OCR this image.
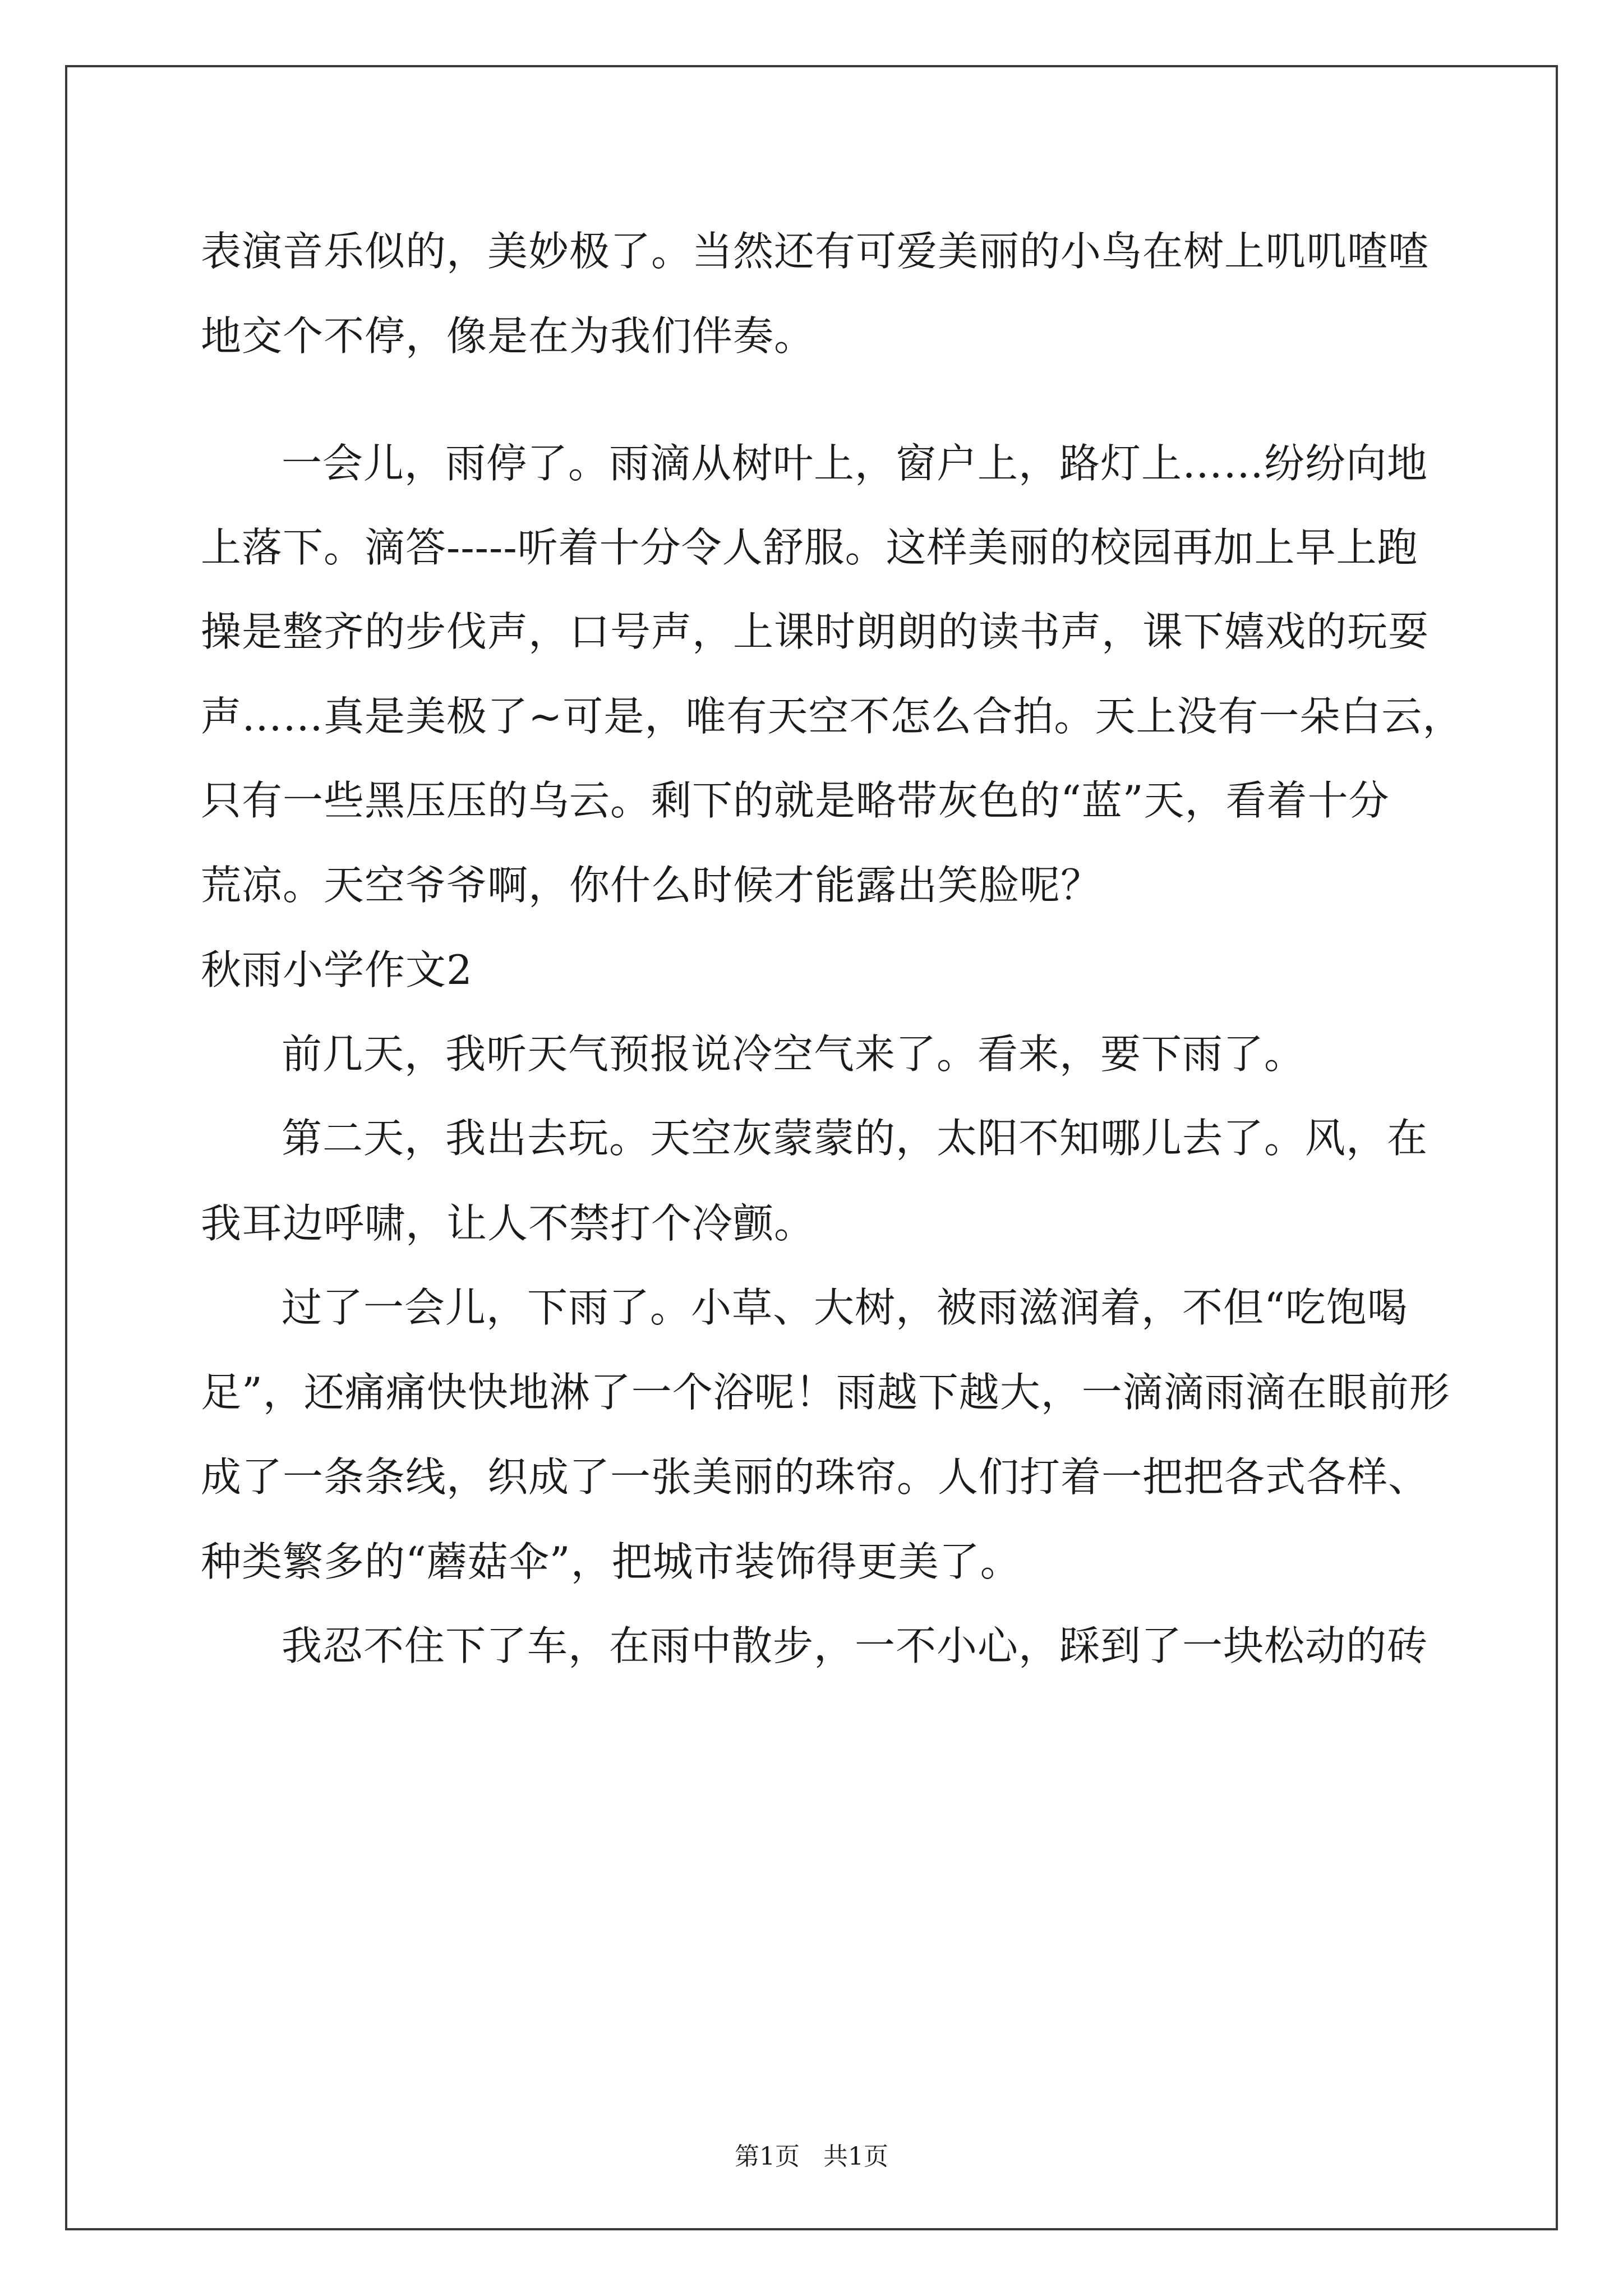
表演音乐似的，美妙极了。当然还有可爱美丽的小鸟在树上叽叽喳喳
地交个不停，像是在为我们伴奏。
一会儿，雨停了。雨滴从树叶上，窗户上，路灯上……纷纷向地
上落下。滴答-----听着十分令人舒服。这样美丽的校园再加上早上跑
操是整齐的步伐声，口号声，上课时朗朗的读书声，课下嬉戏的玩耍
声……真是美极了~可是，唯有天空不怎么合拍。天上没有一朵白云，
只有一些黑压压的乌云。剩下的就是略带灰色的“蓝”天，看着十分
荒凉。天空爷爷啊，你什么时候才能露出笑脸呢？
秋雨小学作文2
前几天，我听天气预报说冷空气来了。看来，要下雨了。
第二天，我出去玩。天空灰蒙蒙的，太阳不知哪儿去了。风，在
我耳边呼啸，让人不禁打个冷颤。
过了一会儿，下雨了。小草、大树，被雨滋润着，不但“吃饱喝
足”，还痛痛快快地淋了一个浴呢！雨越下越大，一滴滴雨滴在眼前形
成了一条条线，织成了一张美丽的珠帘。人们打着一把把各式各样、
种类繁多的“蘑菇伞”，把城市装饰得更美了。
我忍不住下了车，在雨中散步，一不小心，踩到了一块松动的砖
第1页   共1页
